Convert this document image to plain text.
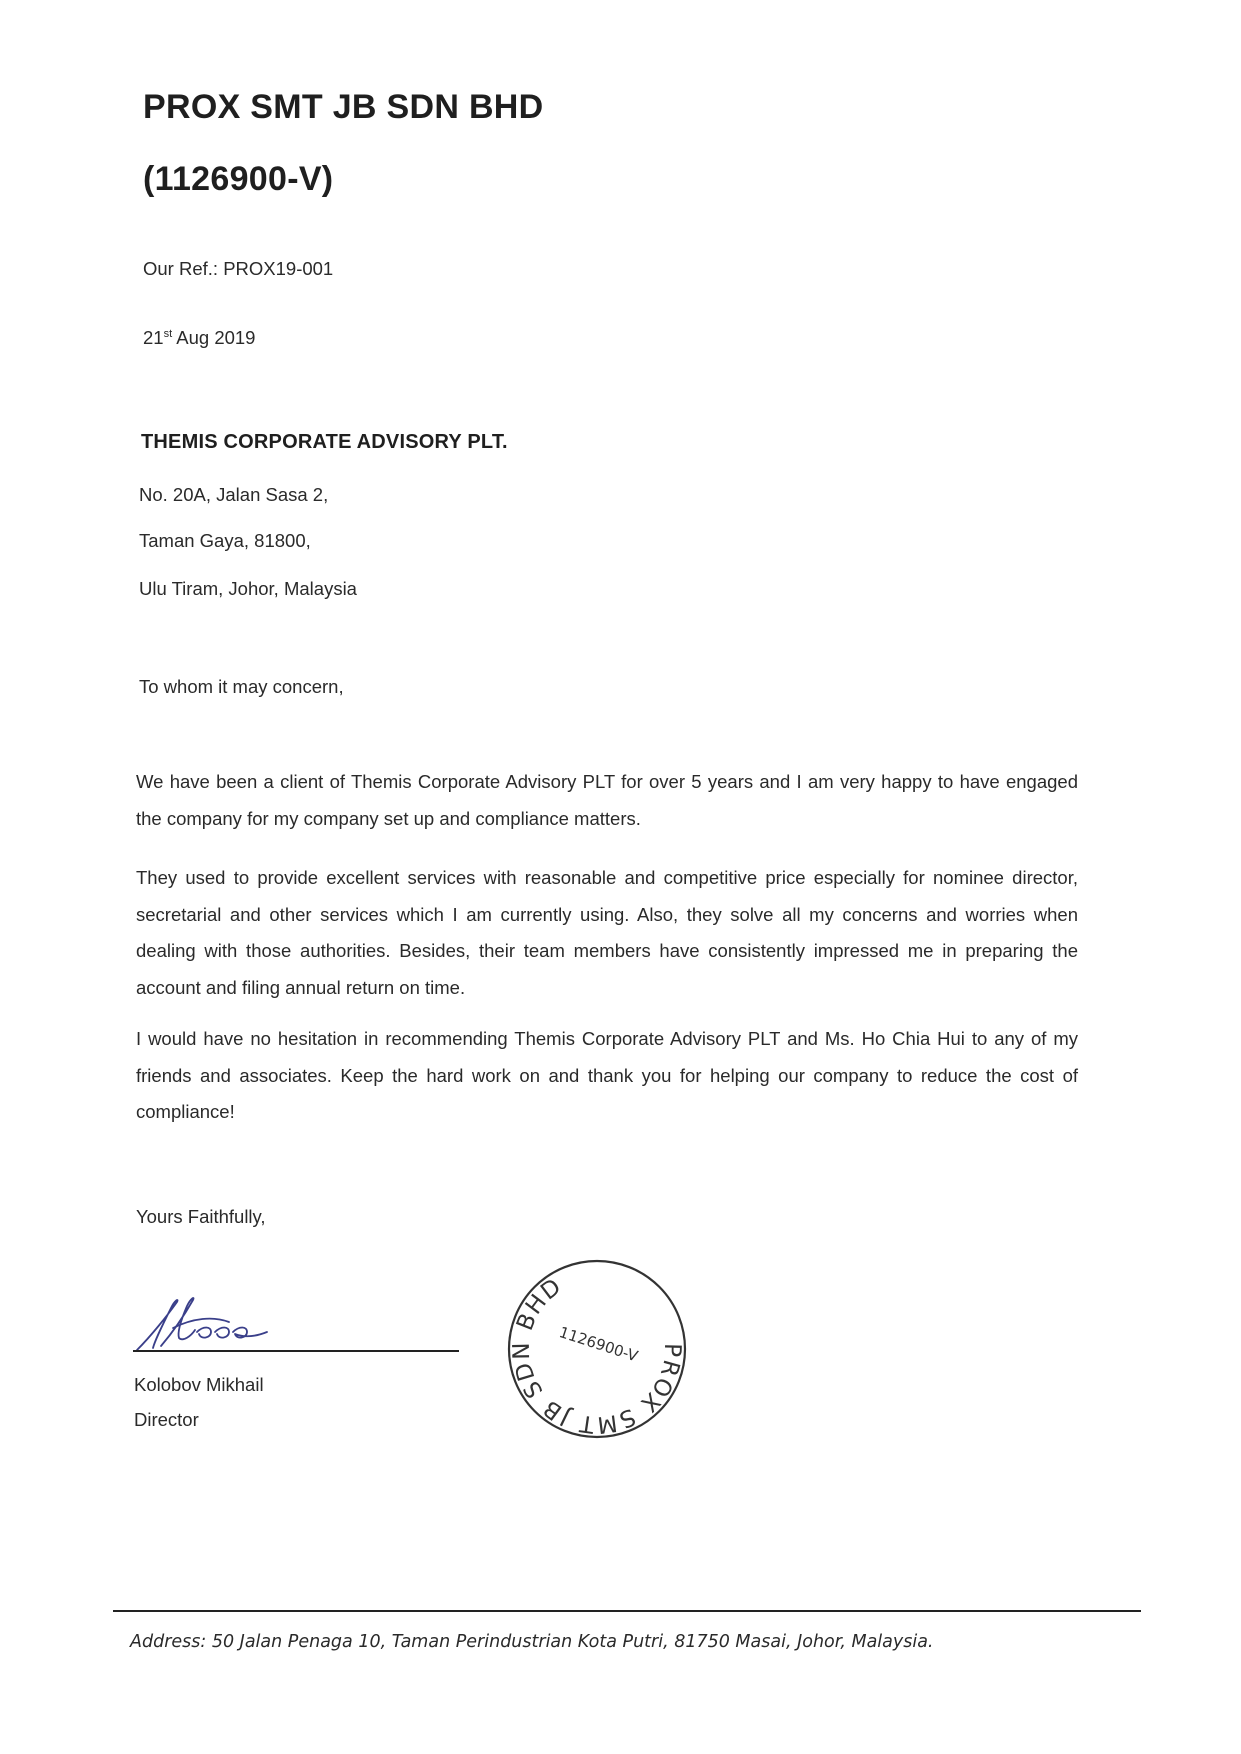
PROX SMT JB SDN BHD
(1126900-V)

Our Ref.: PROX19-001

21st Aug 2019

THEMIS CORPORATE ADVISORY PLT.

No. 20A, Jalan Sasa 2,

Taman Gaya, 81800,

Ulu Tiram, Johor, Malaysia

To whom it may concern,

We have been a client of Themis Corporate Advisory PLT for over 5 years and I am very happy to have engaged the company for my company set up and compliance matters.

They used to provide excellent services with reasonable and competitive price especially for nominee director, secretarial and other services which I am currently using. Also, they solve all my concerns and worries when dealing with those authorities. Besides, their team members have consistently impressed me in preparing the account and filing annual return on time.

I would have no hesitation in recommending Themis Corporate Advisory PLT and Ms. Ho Chia Hui to any of my friends and associates. Keep the hard work on and thank you for helping our company to reduce the cost of compliance!

Yours Faithfully,

Kolobov Mikhail

Director

PROX SMT JB SDN BHD
1126900-V

Address: 50 Jalan Penaga 10, Taman Perindustrian Kota Putri, 81750 Masai, Johor, Malaysia.
